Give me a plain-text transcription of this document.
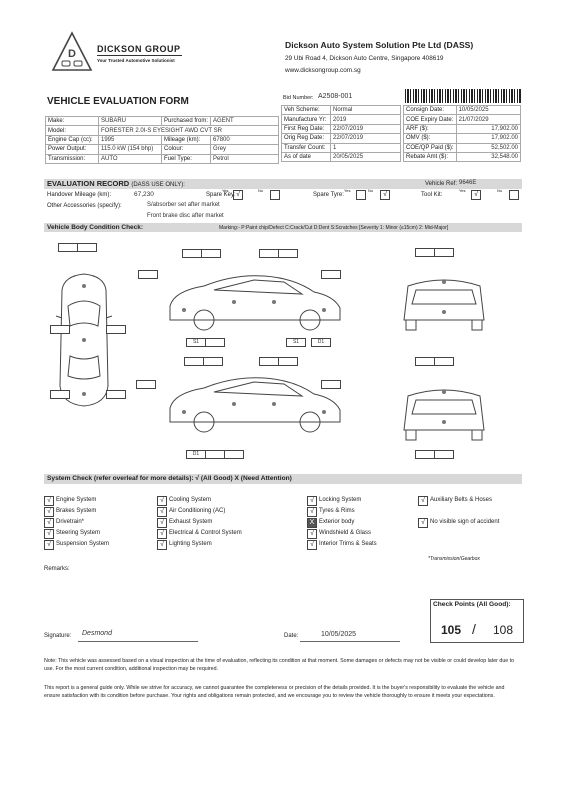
D DICKSON GROUP
Your Trusted Automotive Solutionist
Dickson Auto System Solution Pte Ltd (DASS)
29 Ubi Road 4, Dickson Auto Centre, Singapore 408619
www.dicksongroup.com.sg
VEHICLE EVALUATION FORM
Make:	SUBARU	Purchased from:	AGENT
Model:	FORESTER 2.0I-S EYESIGHT AWD CVT SR		
Engine Cap (cc):	1995	Mileage (km):	67800
Power Output:	115.0 kW (154 bhp)	Colour:	Grey
Transmission:	AUTO	Fuel Type:	Petrol
Bid Number: A2508-001
Veh Scheme:	Normal
Manufacture Yr:	2019
First Reg Date:	22/07/2019
Orig Reg Date:	22/07/2019
Transfer Count:	1
As of date	20/05/2025
Consign Date:	10/05/2025
COE Expiry Date:	21/07/2029
ARF ($):	17,902.00
OMV ($):	17,902.00
COE/QP Paid ($):	52,502.00
Rebate Amt ($):	32,548.00
EVALUATION RECORD (DASS USE ONLY):	Vehicle Ref: 9646E
Handover Mileage (km):	67,230	Spare Key:
Yes
√
No
Spare Tyre:
Yes	No
√	Tool Kit:
Yes
√
No
Other Accessories (specify):	S/absorber set after market
Front brake disc after market
Vehicle Body Condition Check:	Marking:- P:Paint chip/Defect C:Crack/Cut D:Dent S:Scratches [Severity 1: Minor (≤15cm) 2: Mid-Major]
S1	S1	D1
D1
System Check (refer overleaf for more details): √ (All Good) X (Need Attention)
√ Engine System
√ Brakes System
√ Drivetrain*
√ Steering System
√ Suspension System
√ Cooling System
√ Air Conditioning (AC)
√ Exhaust System
√ Electrical & Control System
√ Lighting System
√ Locking System
√ Tyres & Rims
X Exterior body
√ Windshield & Glass
√ Interior Trims & Seats
√ Auxiliary Belts & Hoses
√ No visible sign of accident
*Transmission/Gearbox
Remarks:
Check Points (All Good):
105 / 108
Signature: Desmond	Date:	10/05/2025
Note: This vehicle was assessed based on a visual inspection at the time of evaluation, reflecting its condition at that moment. Some damages or defects may not be visible or could develop later due to use. For the most current condition, additional inspection may be required.
This report is a general guide only. While we strive for accuracy, we cannot guarantee the completeness or precision of the details provided. It is the buyer's responsibility to evaluate the vehicle and ensure satisfaction with its condition before purchase. Your rights and obligations remain protected, and we encourage you to review the vehicle thoroughly to ensure it meets your expectations.
